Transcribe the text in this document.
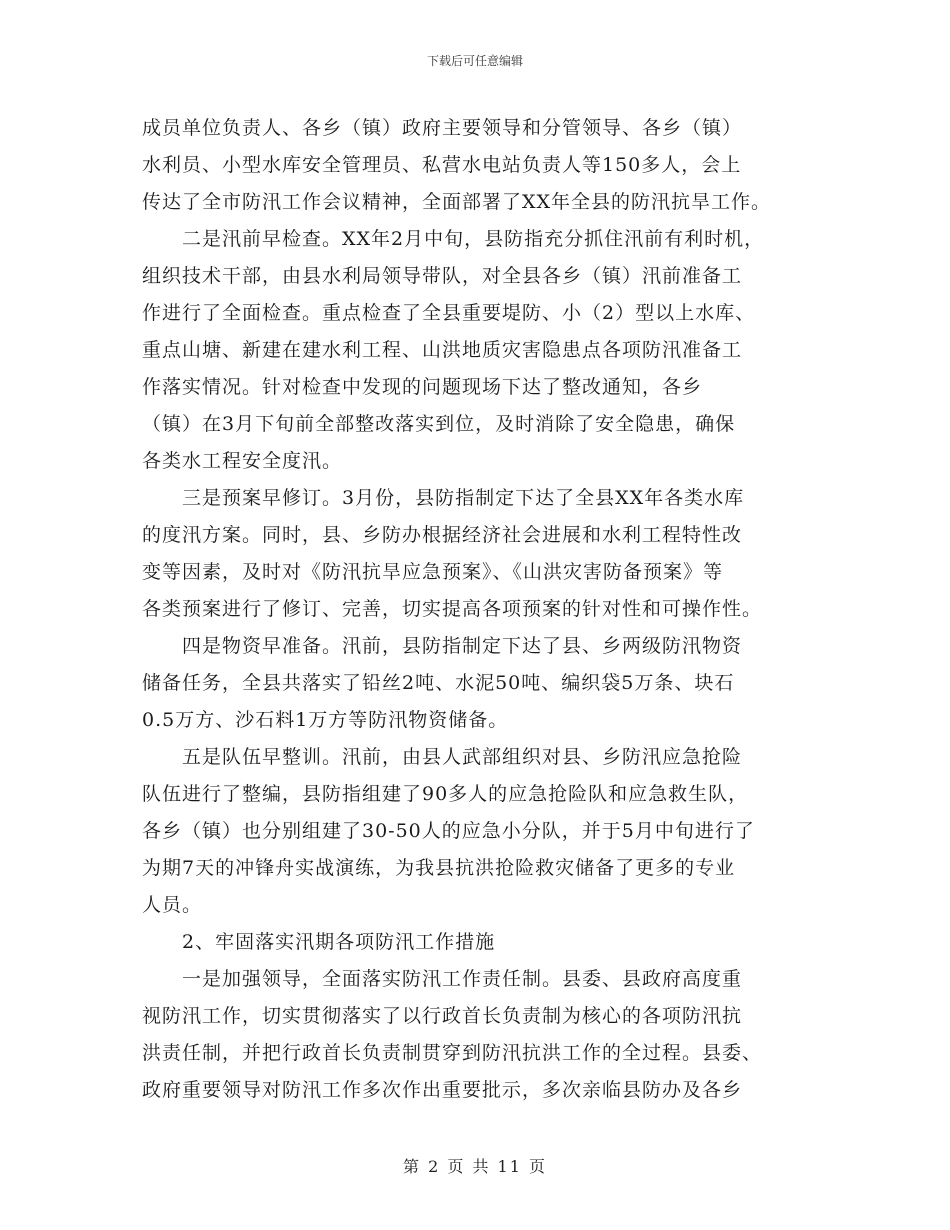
下载后可任意编辑
成员单位负责人、各乡（镇）政府主要领导和分管领导、各乡（镇）
水利员、小型水库安全管理员、私营水电站负责人等150多人，会上
传达了全市防汛工作会议精神，全面部署了XX年全县的防汛抗旱工作。
　　二是汛前早检查。XX年2月中旬，县防指充分抓住汛前有利时机，
组织技术干部，由县水利局领导带队，对全县各乡（镇）汛前准备工
作进行了全面检查。重点检查了全县重要堤防、小（2）型以上水库、
重点山塘、新建在建水利工程、山洪地质灾害隐患点各项防汛准备工
作落实情况。针对检查中发现的问题现场下达了整改通知，各乡
（镇）在3月下旬前全部整改落实到位，及时消除了安全隐患，确保
各类水工程安全度汛。
　　三是预案早修订。3月份，县防指制定下达了全县XX年各类水库
的度汛方案。同时，县、乡防办根据经济社会进展和水利工程特性改
变等因素，及时对《防汛抗旱应急预案》、《山洪灾害防备预案》等
各类预案进行了修订、完善，切实提高各项预案的针对性和可操作性。
　　四是物资早准备。汛前，县防指制定下达了县、乡两级防汛物资
储备任务，全县共落实了铅丝2吨、水泥50吨、编织袋5万条、块石
0.5万方、沙石料1万方等防汛物资储备。
　　五是队伍早整训。汛前，由县人武部组织对县、乡防汛应急抢险
队伍进行了整编，县防指组建了90多人的应急抢险队和应急救生队，
各乡（镇）也分别组建了30-50人的应急小分队，并于5月中旬进行了
为期7天的冲锋舟实战演练，为我县抗洪抢险救灾储备了更多的专业
人员。
　　2、牢固落实汛期各项防汛工作措施
　　一是加强领导，全面落实防汛工作责任制。县委、县政府高度重
视防汛工作，切实贯彻落实了以行政首长负责制为核心的各项防汛抗
洪责任制，并把行政首长负责制贯穿到防汛抗洪工作的全过程。县委、
政府重要领导对防汛工作多次作出重要批示，多次亲临县防办及各乡
第 2 页 共 11 页
